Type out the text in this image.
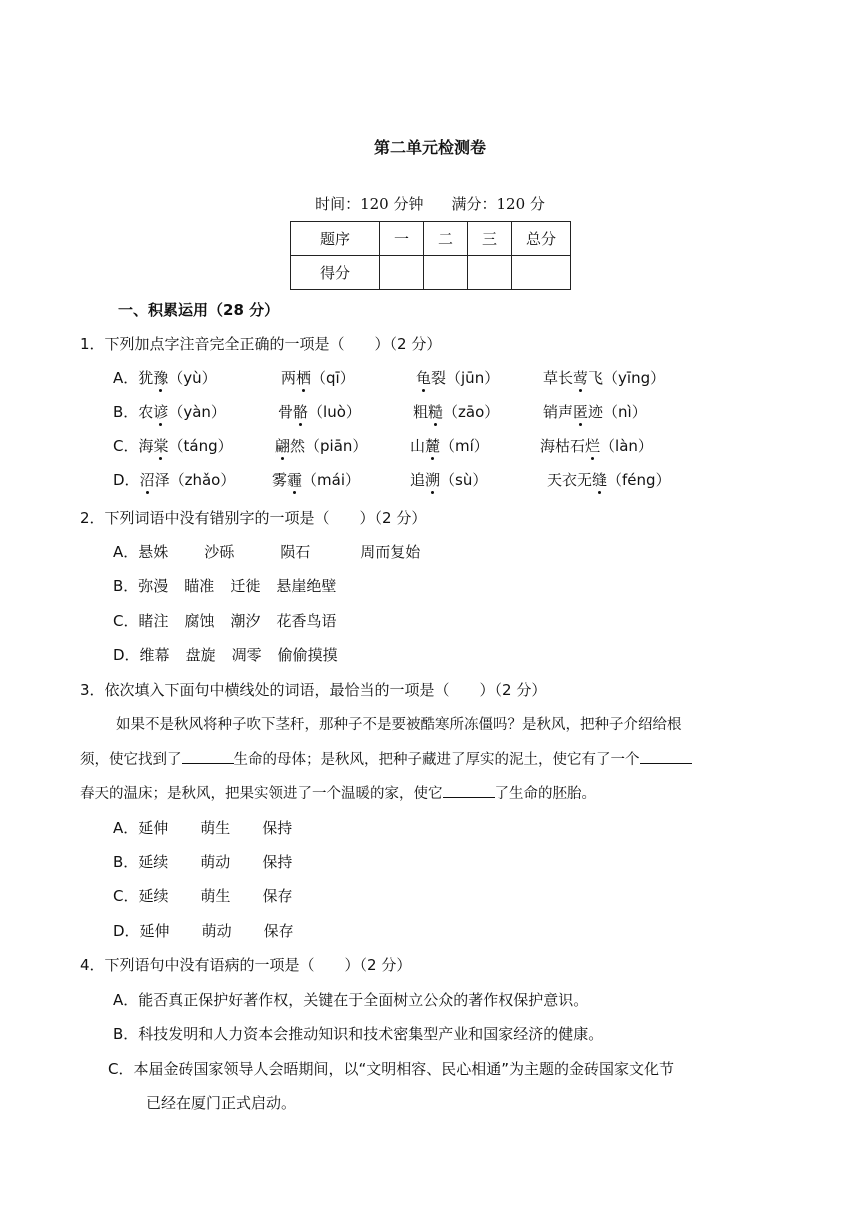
第二单元检测卷
时间：120 分钟 满分：120 分
题序	一	二	三	总分
得分				
一、积累运用（28 分）
1．下列加点字注音完全正确的一项是（　　）（2 分）
A．犹豫（yù）	两栖（qī）	龟裂（jūn）	草长莺飞（yīng）
B．农谚（yàn）	骨骼（luò）	粗糙（zāo）	销声匿迹（nì）
C．海棠（táng）	翩然（piān）	山麓（mí）	海枯石烂（làn）
D．沼泽（zhǎo） 雾霾（mái）	追溯（sù）	天衣无缝（féng）
2．下列词语中没有错别字的一项是（　　）（2 分）
A．悬姝 沙砾	陨石	周而复始
B．弥漫 瞄准 迁徙 悬崖绝壁
C．睹注 腐蚀 潮汐 花香鸟语
D．维幕 盘旋 凋零 偷偷摸摸
3．依次填入下面句中横线处的词语，最恰当的一项是（　　）（2 分）
如果不是秋风将种子吹下茎秆，那种子不是要被酷寒所冻僵吗？是秋风，把种子介绍给根
须，使它找到了	生命的母体；是秋风，把种子藏进了厚实的泥土，使它有了一个
春天的温床；是秋风，把果实领进了一个温暖的家，使它	了生命的胚胎。
A．延伸 萌生 保持
B．延续 萌动 保持
C．延续 萌生 保存
D．延伸 萌动 保存
4．下列语句中没有语病的一项是（　　）（2 分）
A．能否真正保护好著作权，关键在于全面树立公众的著作权保护意识。
B．科技发明和人力资本会推动知识和技术密集型产业和国家经济的健康。
C．本届金砖国家领导人会晤期间，以“文明相容、民心相通”为主题的金砖国家文化节
已经在厦门正式启动。
